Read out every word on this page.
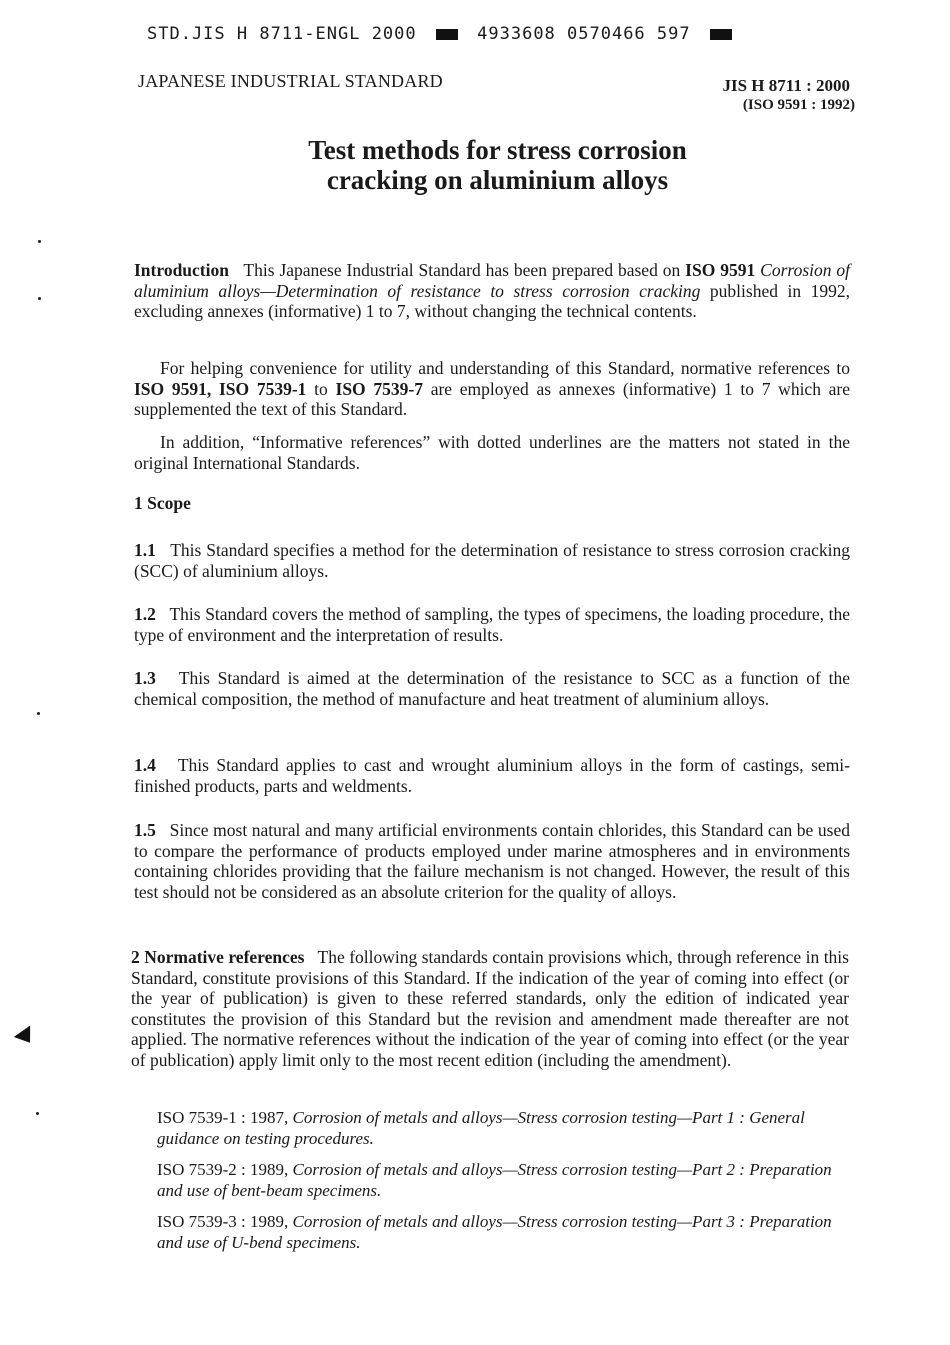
STD.JIS H 8711-ENGL 2000	4933608 0570466 597
JAPANESE INDUSTRIAL STANDARD	JIS H 8711 : 2000
(ISO 9591 : 1992)
Test methods for stress corrosion
cracking on aluminium alloys

Introduction This Japanese Industrial Standard has been prepared based on ISO 9591 Corrosion of aluminium alloys—Determination of resistance to stress corrosion cracking published in 1992, excluding annexes (informative) 1 to 7, without changing the technical contents.

For helping convenience for utility and understanding of this Standard, normative references to ISO 9591, ISO 7539-1 to ISO 7539-7 are employed as annexes (informative) 1 to 7 which are supplemented the text of this Standard.

In addition, “Informative references” with dotted underlines are the matters not stated in the original International Standards.

1 Scope

1.1 This Standard specifies a method for the determination of resistance to stress corrosion cracking (SCC) of aluminium alloys.

1.2 This Standard covers the method of sampling, the types of specimens, the loading procedure, the type of environment and the interpretation of results.

1.3 This Standard is aimed at the determination of the resistance to SCC as a function of the chemical composition, the method of manufacture and heat treatment of aluminium alloys.

1.4 This Standard applies to cast and wrought aluminium alloys in the form of castings, semi-finished products, parts and weldments.

1.5 Since most natural and many artificial environments contain chlorides, this Standard can be used to compare the performance of products employed under marine atmospheres and in environments containing chlorides providing that the failure mechanism is not changed. However, the result of this test should not be considered as an absolute criterion for the quality of alloys.

2 Normative references The following standards contain provisions which, through reference in this Standard, constitute provisions of this Standard. If the indication of the year of coming into effect (or the year of publication) is given to these referred standards, only the edition of indicated year constitutes the provision of this Standard but the revision and amendment made thereafter are not applied. The normative references without the indication of the year of coming into effect (or the year of publication) apply limit only to the most recent edition (including the amendment).

ISO 7539-1 : 1987, Corrosion of metals and alloys—Stress corrosion testing—Part 1 : General guidance on testing procedures.
ISO 7539-2 : 1989, Corrosion of metals and alloys—Stress corrosion testing—Part 2 : Preparation and use of bent-beam specimens.
ISO 7539-3 : 1989, Corrosion of metals and alloys—Stress corrosion testing—Part 3 : Preparation and use of U-bend specimens.
